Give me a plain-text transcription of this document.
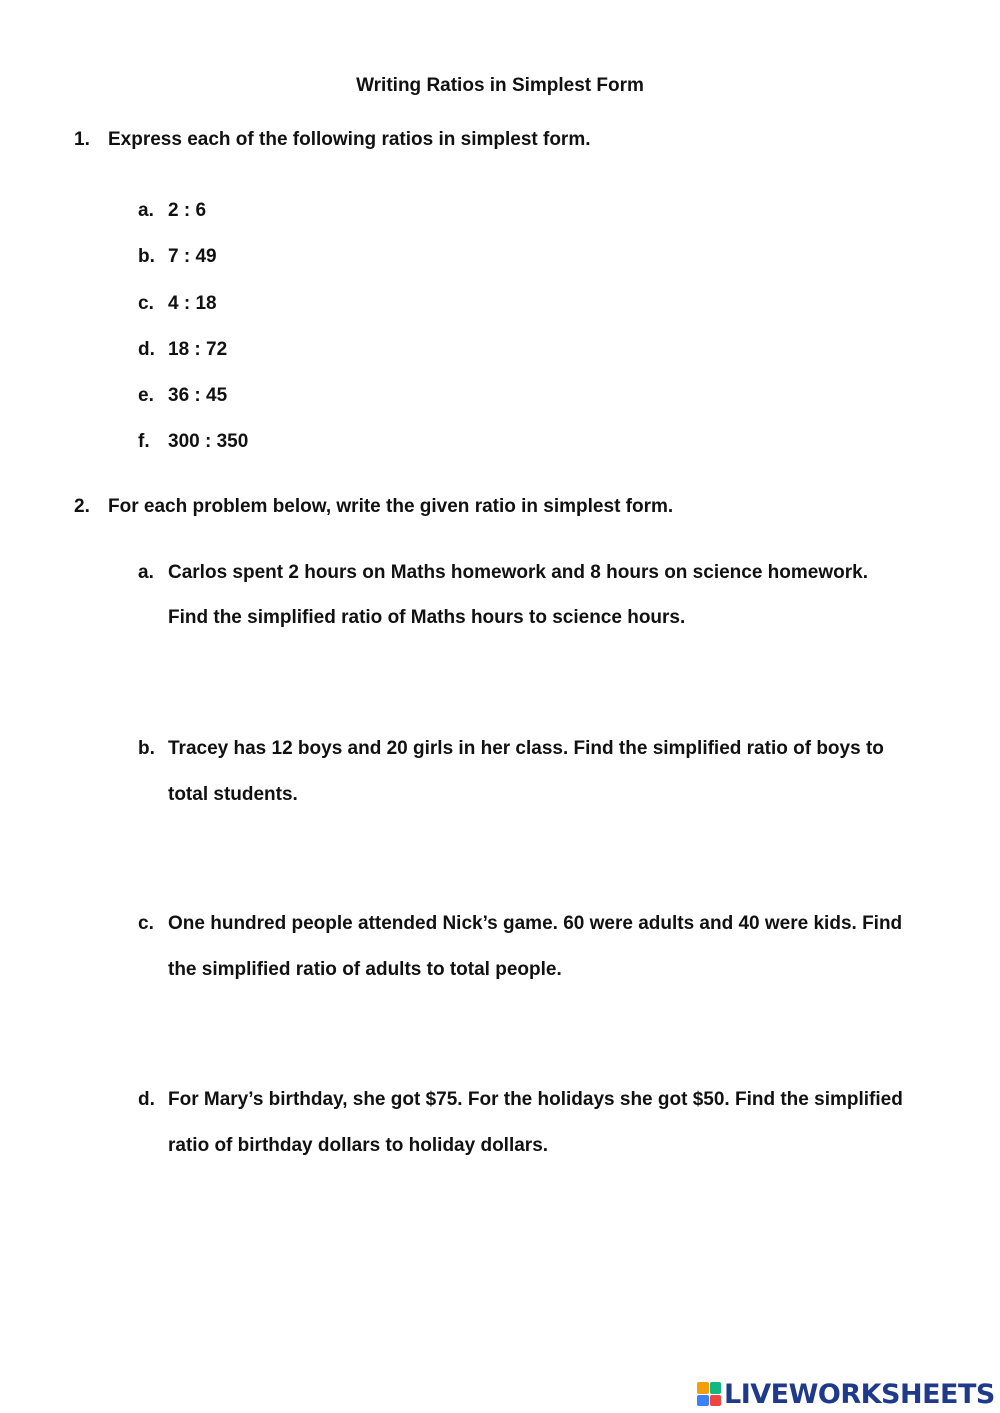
Writing Ratios in Simplest Form
1. Express each of the following ratios in simplest form.
a. 2 : 6
b. 7 : 49
c. 4 : 18
d. 18 : 72
e. 36 : 45
f. 300 : 350
2. For each problem below, write the given ratio in simplest form.
a. Carlos spent 2 hours on Maths homework and 8 hours on science homework.
Find the simplified ratio of Maths hours to science hours.
b. Tracey has 12 boys and 20 girls in her class. Find the simplified ratio of boys to
total students.
c. One hundred people attended Nick’s game. 60 were adults and 40 were kids. Find
the simplified ratio of adults to total people.
d. For Mary’s birthday, she got $75. For the holidays she got $50. Find the simplified
ratio of birthday dollars to holiday dollars.
LIVEWORKSHEETS
